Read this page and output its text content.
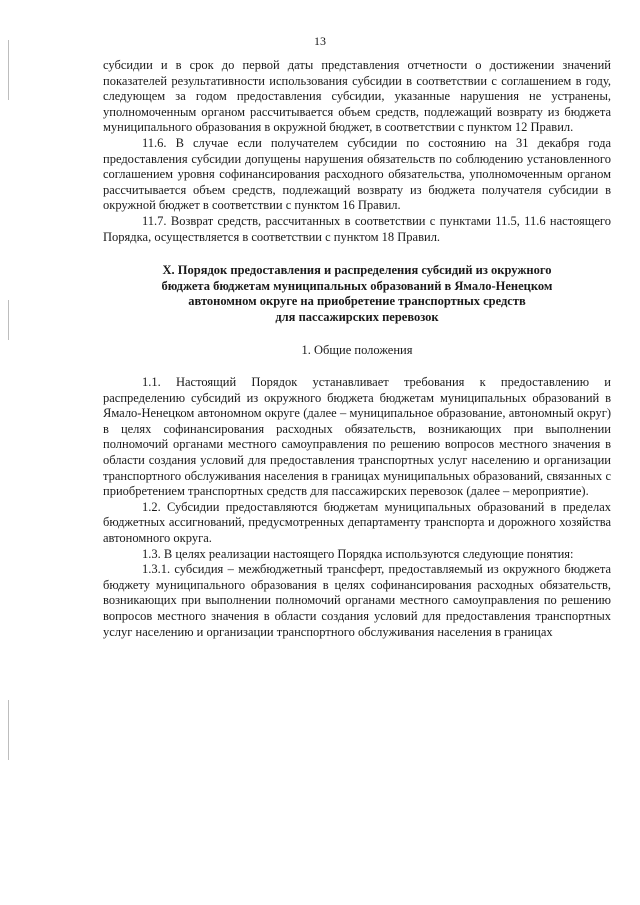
13

субсидии и в срок до первой даты представления отчетности о достижении значений показателей результативности использования субсидии в соответствии с соглашением в году, следующем за годом предоставления субсидии, указанные нарушения не устранены, уполномоченным органом рассчитывается объем средств, подлежащий возврату из бюджета муниципального образования в окружной бюджет, в соответствии с пунктом 12 Правил.

11.6. В случае если получателем субсидии по состоянию на 31 декабря года предоставления субсидии допущены нарушения обязательств по соблюдению установленного соглашением уровня софинансирования расходного обязательства, уполномоченным органом рассчитывается объем средств, подлежащий возврату из бюджета получателя субсидии в окружной бюджет в соответствии с пунктом 16 Правил.

11.7. Возврат средств, рассчитанных в соответствии с пунктами 11.5, 11.6 настоящего Порядка, осуществляется в соответствии с пунктом 18 Правил.

X. Порядок предоставления и распределения субсидий из окружного
бюджета бюджетам муниципальных образований в Ямало-Ненецком
автономном округе на приобретение транспортных средств
для пассажирских перевозок
1. Общие положения

1.1. Настоящий Порядок устанавливает требования к предоставлению и распределению субсидий из окружного бюджета бюджетам муниципальных образований в Ямало-Ненецком автономном округе (далее – муниципальное образование, автономный округ) в целях софинансирования расходных обязательств, возникающих при выполнении полномочий органами местного самоуправления по решению вопросов местного значения в области создания условий для предоставления транспортных услуг населению и организации транспортного обслуживания населения в границах муниципальных образований, связанных с приобретением транспортных средств для пассажирских перевозок (далее – мероприятие).

1.2. Субсидии предоставляются бюджетам муниципальных образований в пределах бюджетных ассигнований, предусмотренных департаменту транспорта и дорожного хозяйства автономного округа.

1.3. В целях реализации настоящего Порядка используются следующие понятия:

1.3.1. субсидия – межбюджетный трансферт, предоставляемый из окружного бюджета бюджету муниципального образования в целях софинансирования расходных обязательств, возникающих при выполнении полномочий органами местного самоуправления по решению вопросов местного значения в области создания условий для предоставления транспортных услуг населению и организации транспортного обслуживания населения в границах
